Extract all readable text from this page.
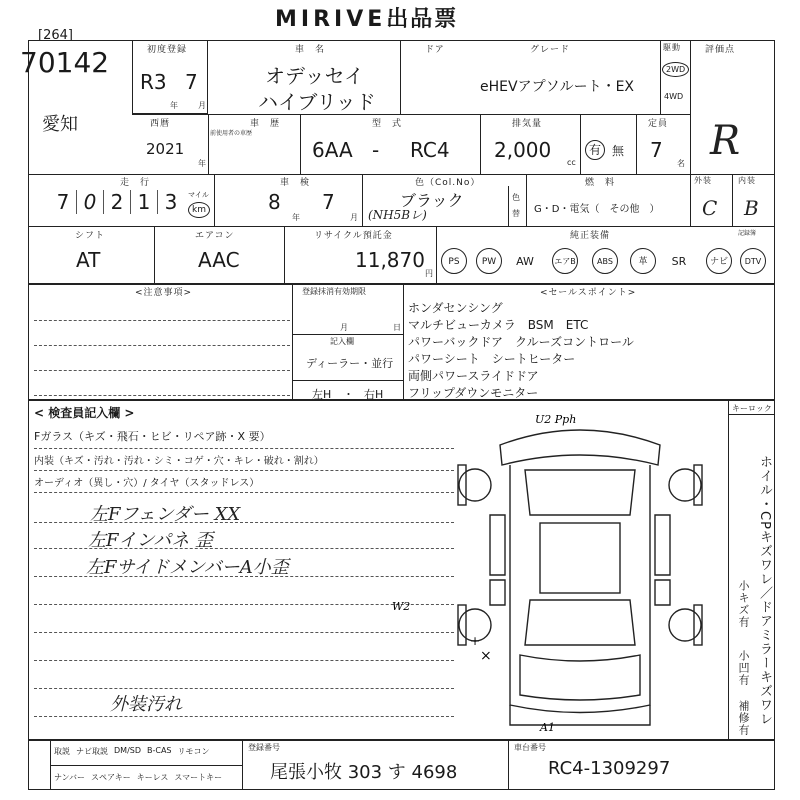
MIRIVE出品票
[264]
70142
愛知
初度登録
R3 7
年	月
車　名
オデッセイ
ハイブリッド
ドア	グレード
eHEVアプソルート・EX
駆動
2WD
4WD
評価点
R
西暦
2021
年
車　歴
前使用者の車歴
型　式
6AA - RC4
排気量
2,000
cc
有 無
定員
7
名
走　行
7 0 2 1 3	マイル
km
車　検
8
年
7
月
色（Col.No）
ブラック
(NH5Bレ)
色
替
燃　料
G・D・電気（　その他　）
外装
C
内装
B
シフト
AT
エアコン
AAC
リサイクル預託金
11,870
円
純正装備	記録簿
PS	PW	AW	エアB	ABS	革	SR	ナビ	DTV
<注意事項>	登録抹消有効期限
月	日
記入欄
ディーラー・並行
左H ・ 右H
<セールスポイント>
ホンダセンシング
マルチビューカメラ　BSM　ETC
パワーバックドア　クルーズコントロール
パワーシート　シートヒーター
両側パワースライドドア
フリップダウンモニター
< 検査員記入欄 >
Fガラス（キズ・飛石・ヒビ・リペア跡・X 要）
内装（キズ・汚れ・汚れ・シミ・コゲ・穴・キレ・破れ・割れ）
オーディオ（異し・穴）/ タイヤ（スタッドレス）
左Fフェンダー XX
左Fインパネ 歪
左FサイドメンバーA小歪
外装汚れ
U2 Pph
W2
A1
×
+
キーロック
ホイル・CPキズワレ／ドアミラーキズワレ
小キズ有
小凹有
補修有
取説 ナビ取説 DM/SD B-CAS リモコン
ナンバー スペアキー キーレス スマートキー
登録番号
尾張小牧 303 す 4698
車台番号
RC4-1309297
